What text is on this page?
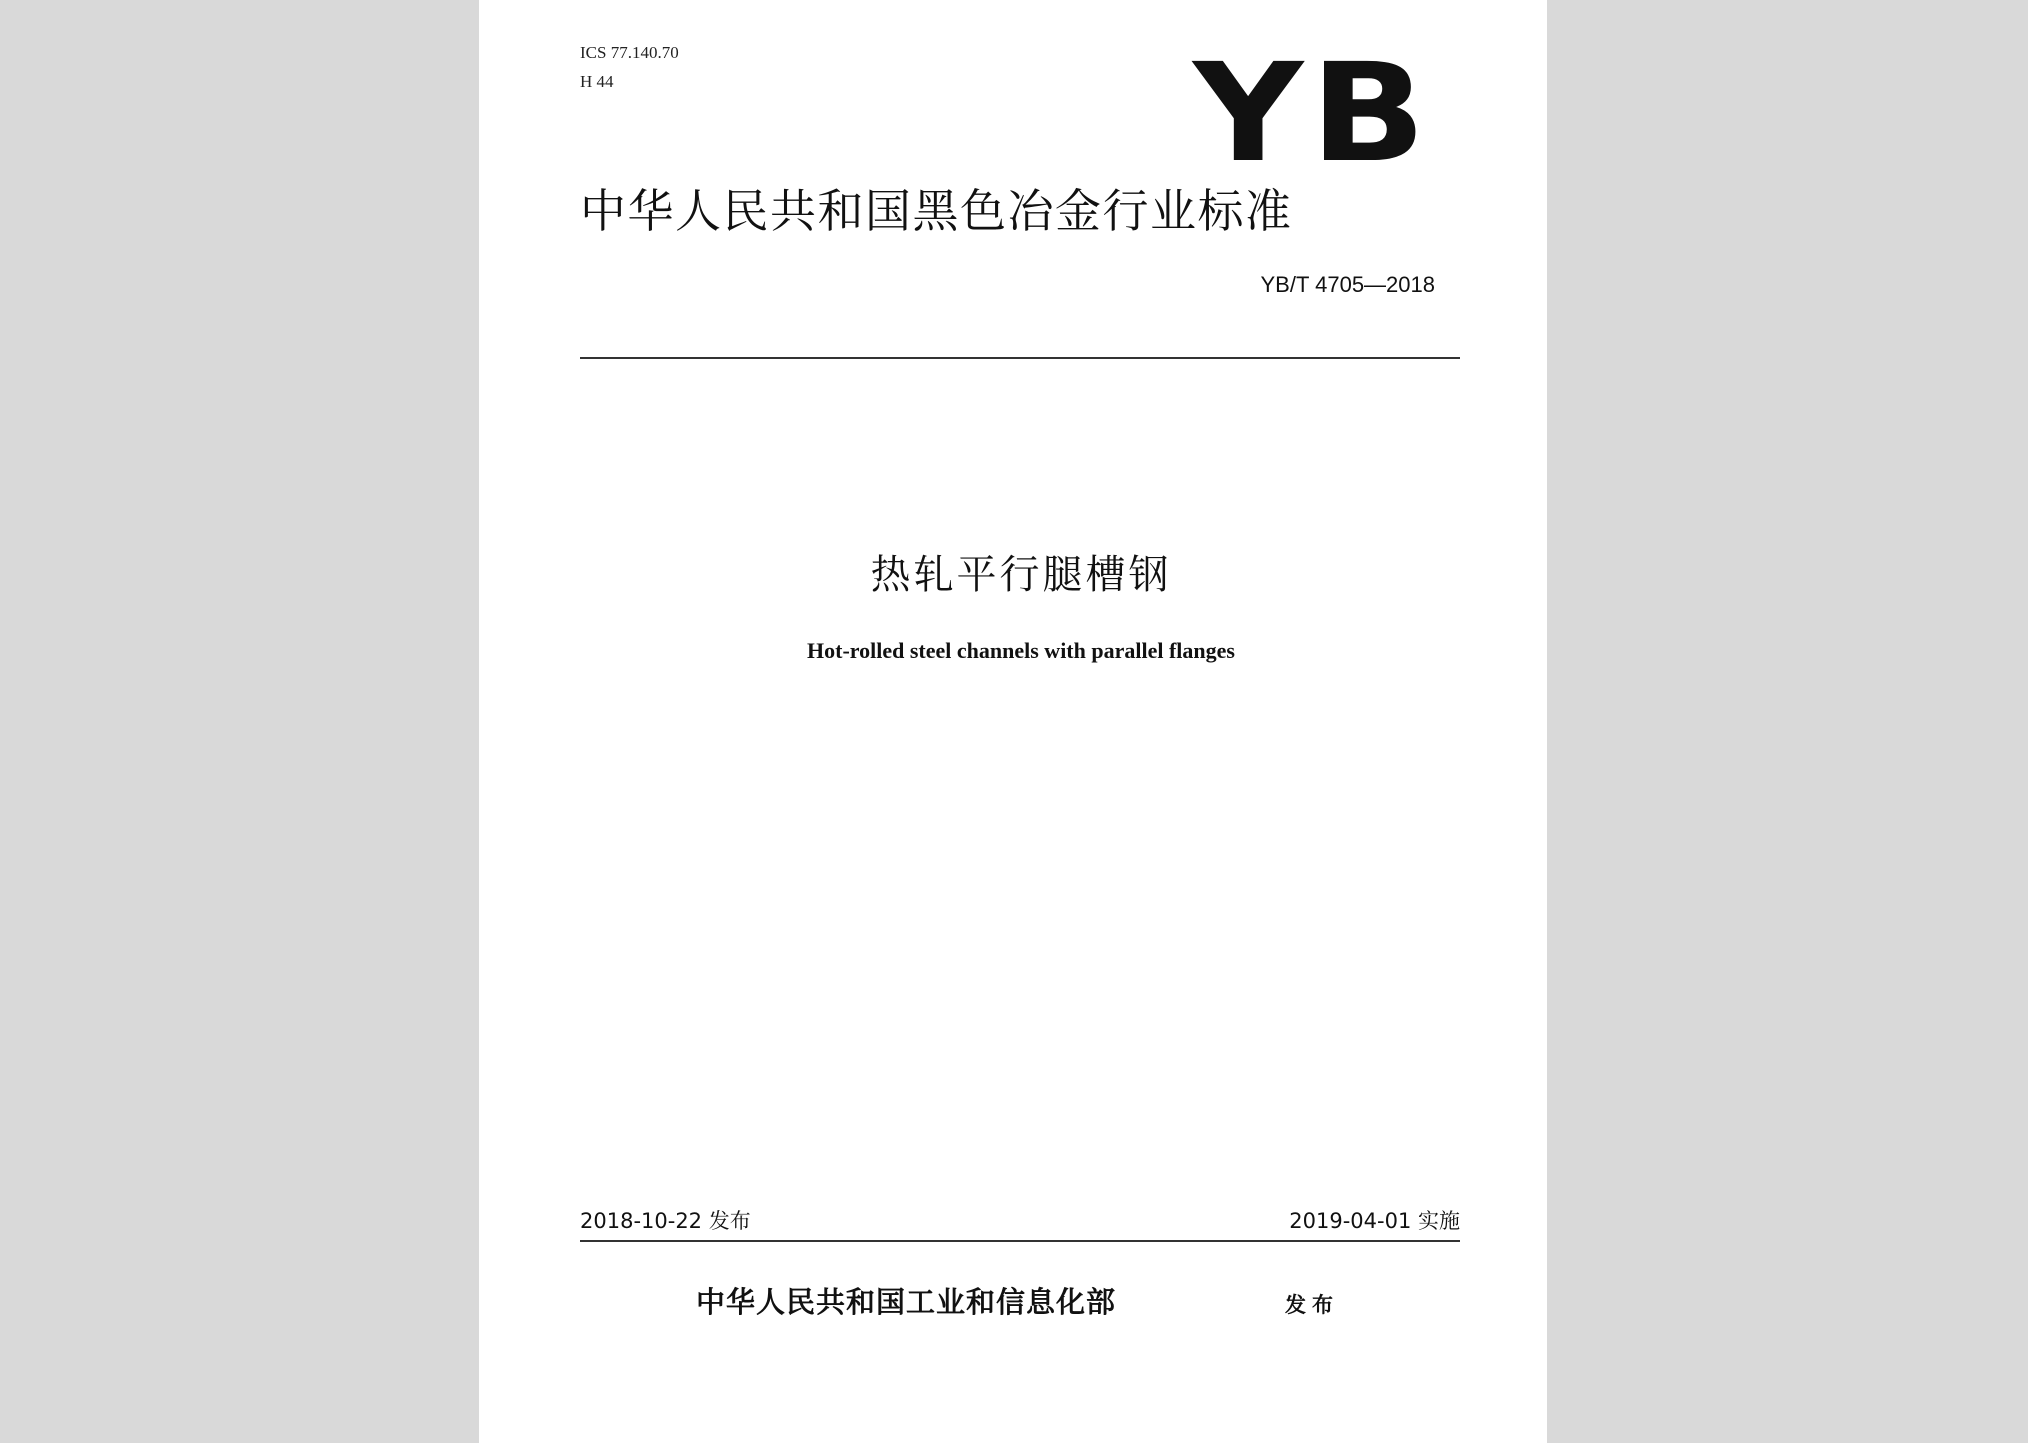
ICS 77.140.70
H 44	YB
中华人民共和国黑色冶金行业标准
YB/T 4705—2018
热轧平行腿槽钢
Hot-rolled steel channels with parallel flanges
2018-10-22 发布	2019-04-01 实施
中华人民共和国工业和信息化部	发布
